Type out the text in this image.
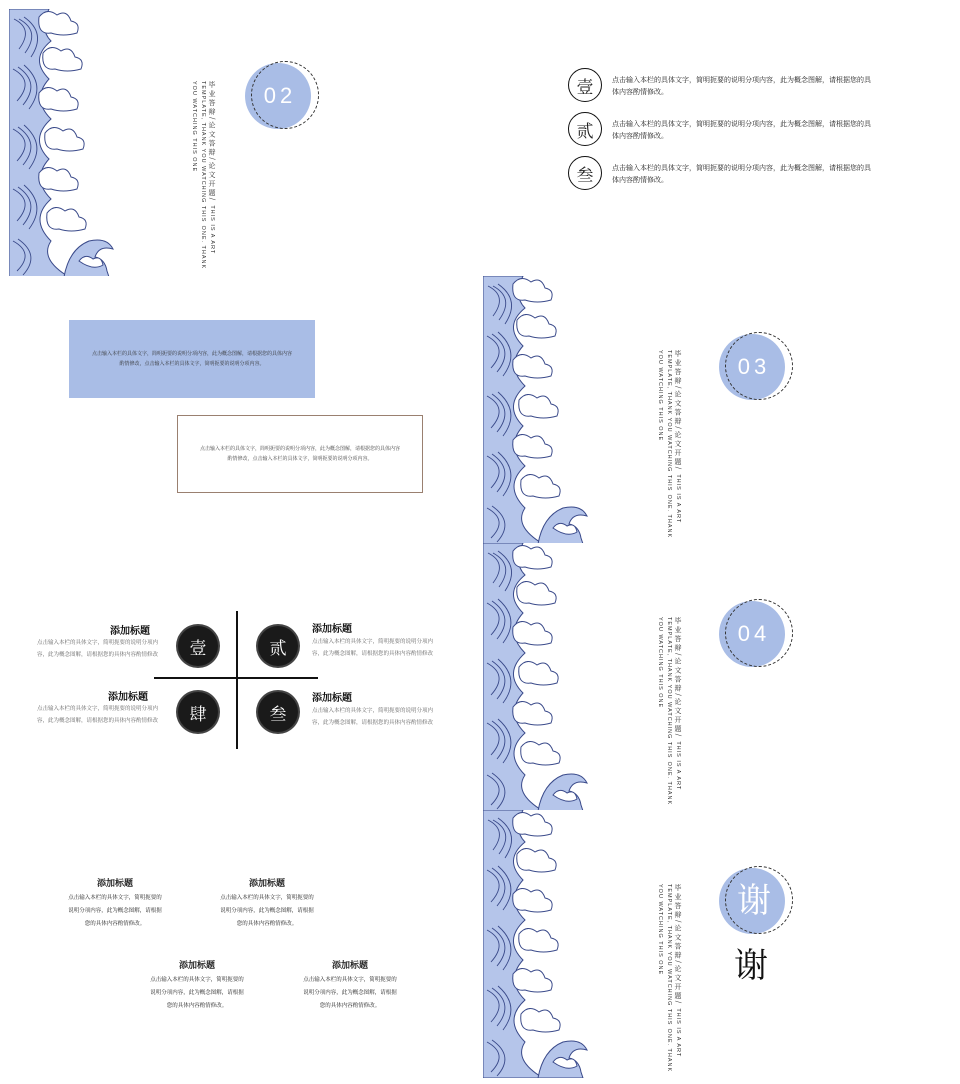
毕业答辩/论文答辩/论文开题/ THIS IS A ART TEMPLATE, THANK YOU WATCHING THIS ONE. THANK YOU WATCHING THIS ONE	02	壹	点击输入本栏的具体文字，简明扼要的说明分项内容，此为概念图解，请根据您的具体内容酌情修改。
贰	点击输入本栏的具体文字，简明扼要的说明分项内容，此为概念图解，请根据您的具体内容酌情修改。
叁	点击输入本栏的具体文字，简明扼要的说明分项内容，此为概念图解，请根据您的具体内容酌情修改。
点击输入本栏的具体文字，简明扼要的说明分项内容，此为概念图解，请根据您的具体内容酌情修改，点击输入本栏的具体文字，简明扼要的说明分项内容。
点击输入本栏的具体文字，简明扼要的说明分项内容，此为概念图解，请根据您的具体内容酌情修改，点击输入本栏的具体文字，简明扼要的说明分项内容。	毕业答辩/论文答辩/论文开题/ THIS IS A ART TEMPLATE, THANK YOU WATCHING THIS ONE. THANK YOU WATCHING THIS ONE	03
壹	贰
肆	叁
添加标题
点击输入本栏的具体文字，简明扼要的说明分项内容，此为概念图解，请根据您的具体内容酌情修改
添加标题
点击输入本栏的具体文字，简明扼要的说明分项内容，此为概念图解，请根据您的具体内容酌情修改
添加标题
点击输入本栏的具体文字，简明扼要的说明分项内容，此为概念图解，请根据您的具体内容酌情修改
添加标题
点击输入本栏的具体文字，简明扼要的说明分项内容，此为概念图解，请根据您的具体内容酌情修改	毕业答辩/论文答辩/论文开题/ THIS IS A ART TEMPLATE, THANK YOU WATCHING THIS ONE. THANK YOU WATCHING THIS ONE	04
添加标题
点击输入本栏的具体文字，简明扼要的
说明分项内容，此为概念图解，请根据
您的具体内容酌情修改。
添加标题
点击输入本栏的具体文字，简明扼要的
说明分项内容，此为概念图解，请根据
您的具体内容酌情修改。
添加标题
点击输入本栏的具体文字，简明扼要的
说明分项内容，此为概念图解，请根据
您的具体内容酌情修改。
添加标题
点击输入本栏的具体文字，简明扼要的
说明分项内容，此为概念图解，请根据
您的具体内容酌情修改。
毕业答辩/论文答辩/论文开题/ THIS IS A ART TEMPLATE, THANK YOU WATCHING THIS ONE. THANK YOU WATCHING THIS ONE	谢
谢
